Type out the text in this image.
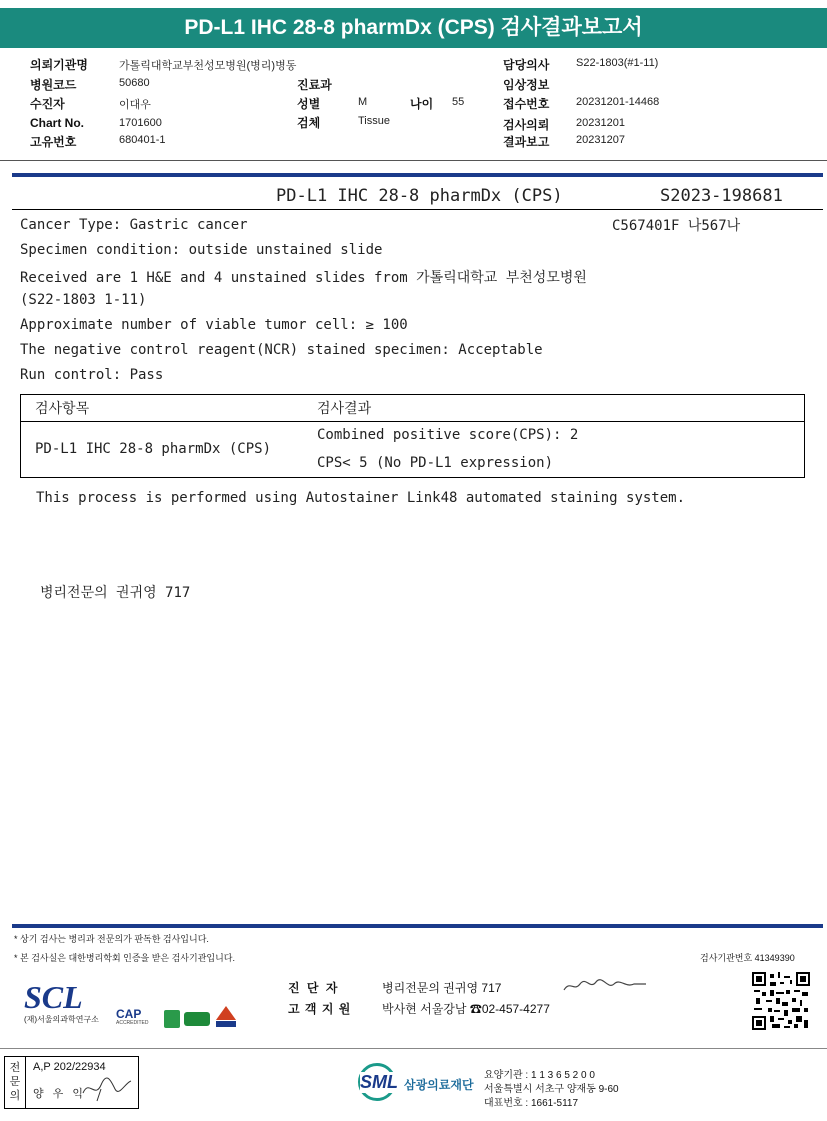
PD-L1 IHC 28-8 pharmDx (CPS) 검사결과보고서
의뢰기관명	가톨릭대학교부천성모병원(병리)병동
병원코드	50680
수진자	이대우
Chart No.	1701600
고유번호	680401-1
진료과
성별	M	나이 55
검체	Tissue
담당의사 S22-1803(#1-11)
임상정보
접수번호 20231201-14468
검사의뢰 20231201
결과보고 20231207
PD-L1 IHC 28-8 pharmDx (CPS)	S2023-198681
C567401F 나567나
Cancer Type: Gastric cancer
Specimen condition: outside unstained slide
Received are 1 H&E and 4 unstained slides from 가톨릭대학교 부천성모병원
(S22-1803 1-11)
Approximate number of viable tumor cell: ≥ 100
The negative control reagent(NCR) stained specimen: Acceptable
Run control: Pass
검사항목	검사결과
PD-L1 IHC 28-8 pharmDx (CPS)
Combined positive score(CPS): 2
CPS< 5 (No PD-L1 expression)
This process is performed using Autostainer Link48 automated staining system.
병리전문의 권귀영 717
* 상기 검사는 병리과 전문의가 판독한 검사입니다.
* 본 검사실은 대한병리학회 인증을 받은 검사기관입니다.	검사기관번호 41349390
SCL
(재)서울의과학연구소	CAP
ACCREDITED
진 단 자	병리전문의 권귀영 717
고 객 지 원	박사현 서울강남 ☎02-457-4277
전문의
A,P 202/22934
양 우 익
SML 삼광의료재단
요양기관 : 1 1 3 6 5 2 0 0
서울특별시 서초구 양재동 9-60
대표번호 : 1661-5117
